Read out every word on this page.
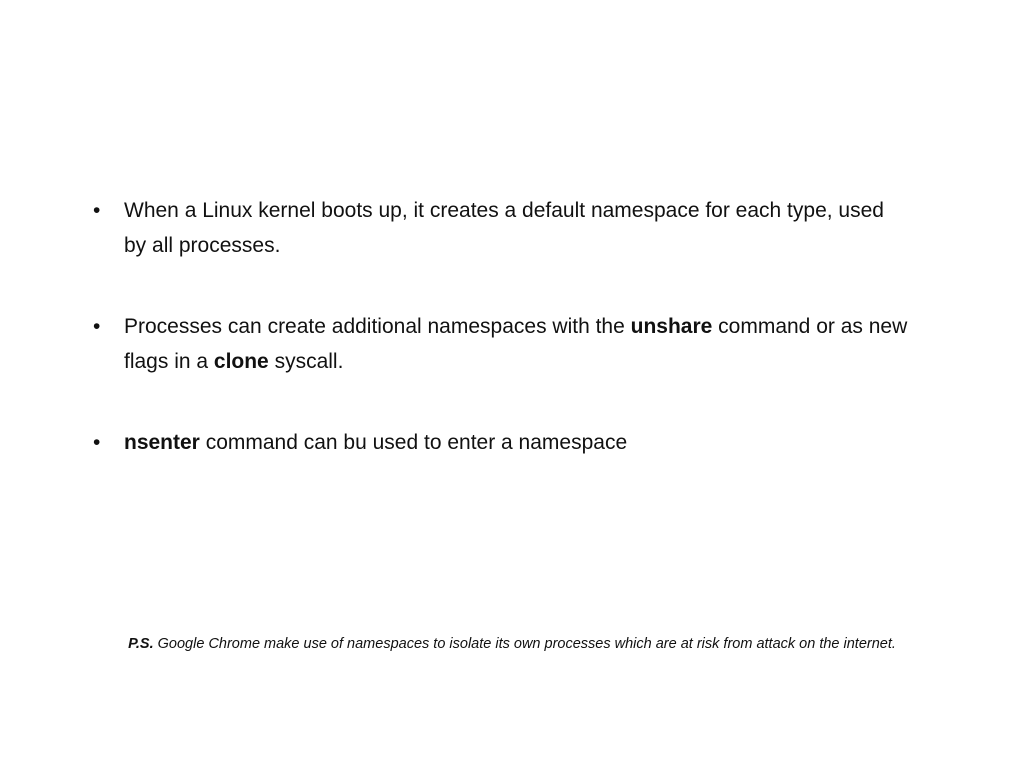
• When a Linux kernel boots up, it creates a default namespace for each type, used by all processes.
• Processes can create additional namespaces with the unshare command or as new flags in a clone syscall.
• nsenter command can bu used to enter a namespace
P.S. Google Chrome make use of namespaces to isolate its own processes which are at risk from attack on the internet.
